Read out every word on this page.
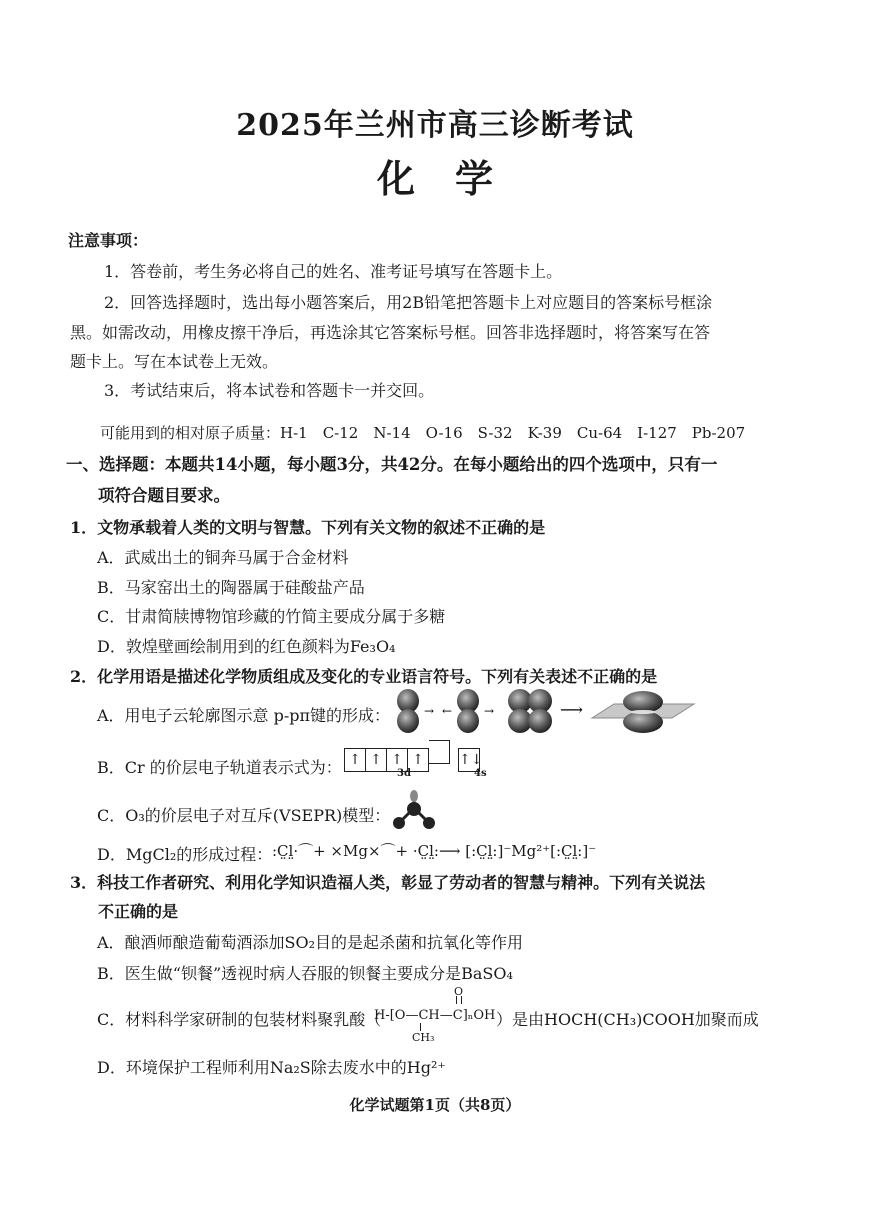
2025年兰州市高三诊断考试
化学
注意事项：
1．答卷前，考生务必将自己的姓名、准考证号填写在答题卡上。
2．回答选择题时，选出每小题答案后，用2B铅笔把答题卡上对应题目的答案标号框涂
黑。如需改动，用橡皮擦干净后，再选涂其它答案标号框。回答非选择题时，将答案写在答
题卡上。写在本试卷上无效。
3．考试结束后，将本试卷和答题卡一并交回。
可能用到的相对原子质量：H-1　C-12　N-14　O-16　S-32　K-39　Cu-64　I-127　Pb-207
一、选择题：本题共14小题，每小题3分，共42分。在每小题给出的四个选项中，只有一
项符合题目要求。
1．文物承载着人类的文明与智慧。下列有关文物的叙述不正确的是
A．武威出土的铜奔马属于合金材料
B．马家窑出土的陶器属于硅酸盐产品
C．甘肃简牍博物馆珍藏的竹简主要成分属于多糖
D．敦煌壁画绘制用到的红色颜料为Fe₃O₄
2．化学用语是描述化学物质组成及变化的专业语言符号。下列有关表述不正确的是
A．用电子云轮廓图示意 p-pπ键的形成：	→ ←	→	⟶
B．Cr 的价层电子轨道表示式为： ↑ ↑ ↑ ↑	↑↓
3d	4s
C．O₃的价层电子对互斥(VSEPR)模型：
D．MgCl₂的形成过程： :C̤l̤·⌒+ ×Mg×⌒+ ·C̤l̤:⟶ [:C̤l̤:]⁻Mg²⁺[:C̤l̤:]⁻
3．科技工作者研究、利用化学知识造福人类，彰显了劳动者的智慧与精神。下列有关说法
不正确的是
A．酿酒师酿造葡萄酒添加SO₂目的是起杀菌和抗氧化等作用
B．医生做“钡餐”透视时病人吞服的钡餐主要成分是BaSO₄
C．材料科学家研制的包装材料聚乳酸（
O
H-[O—CH—C]ₙOH
CH₃
）是由HOCH(CH₃)COOH加聚而成
D．环境保护工程师利用Na₂S除去废水中的Hg²⁺
化学试题第1页（共8页）
